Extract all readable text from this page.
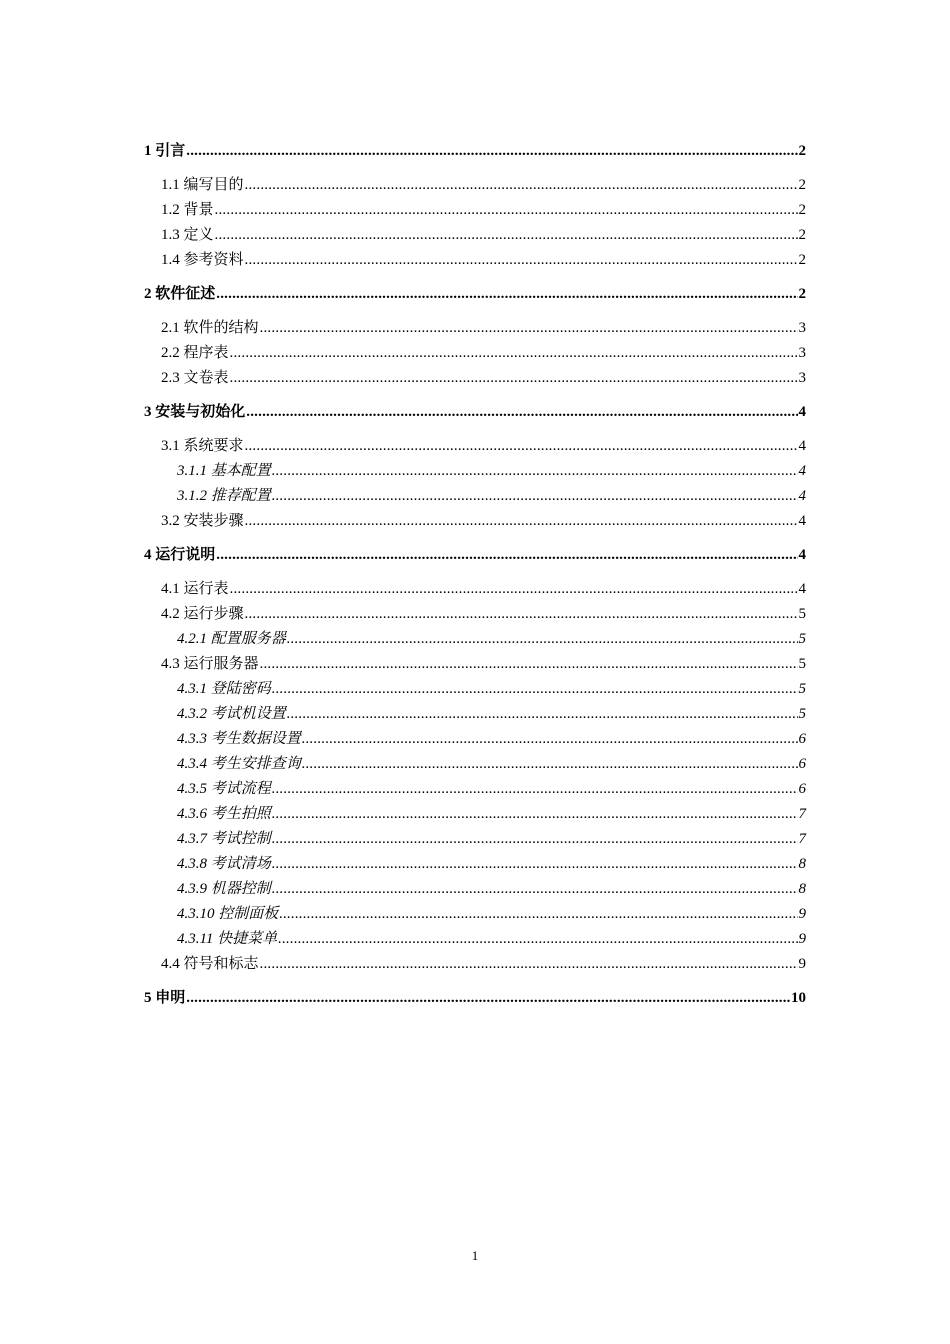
1 引言 .....	2
1.1 编写目的 .....	2
1.2 背景 .....	2
1.3 定义 .....	2
1.4 参考资料 .....	2
2 软件征述 .....	2
2.1 软件的结构 .....	3
2.2 程序表 .....	3
2.3 文卷表 .....	3
3 安装与初始化 .....	4
3.1 系统要求 .....	4
3.1.1 基本配置 .....	4
3.1.2 推荐配置 .....	4
3.2 安装步骤 .....	4
4 运行说明 .....	4
4.1 运行表 .....	4
4.2 运行步骤 .....	5
4.2.1 配置服务器 .....	5
4.3 运行服务器 .....	5
4.3.1 登陆密码 .....	5
4.3.2 考试机设置 .....	5
4.3.3 考生数据设置 .....	6
4.3.4 考生安排查询 .....	6
4.3.5 考试流程 .....	6
4.3.6 考生拍照 .....	7
4.3.7 考试控制 .....	7
4.3.8 考试清场 .....	8
4.3.9 机器控制 .....	8
4.3.10 控制面板 .....	9
4.3.11 快捷菜单 .....	9
4.4 符号和标志 .....	9
5 申明 .....	10
1
